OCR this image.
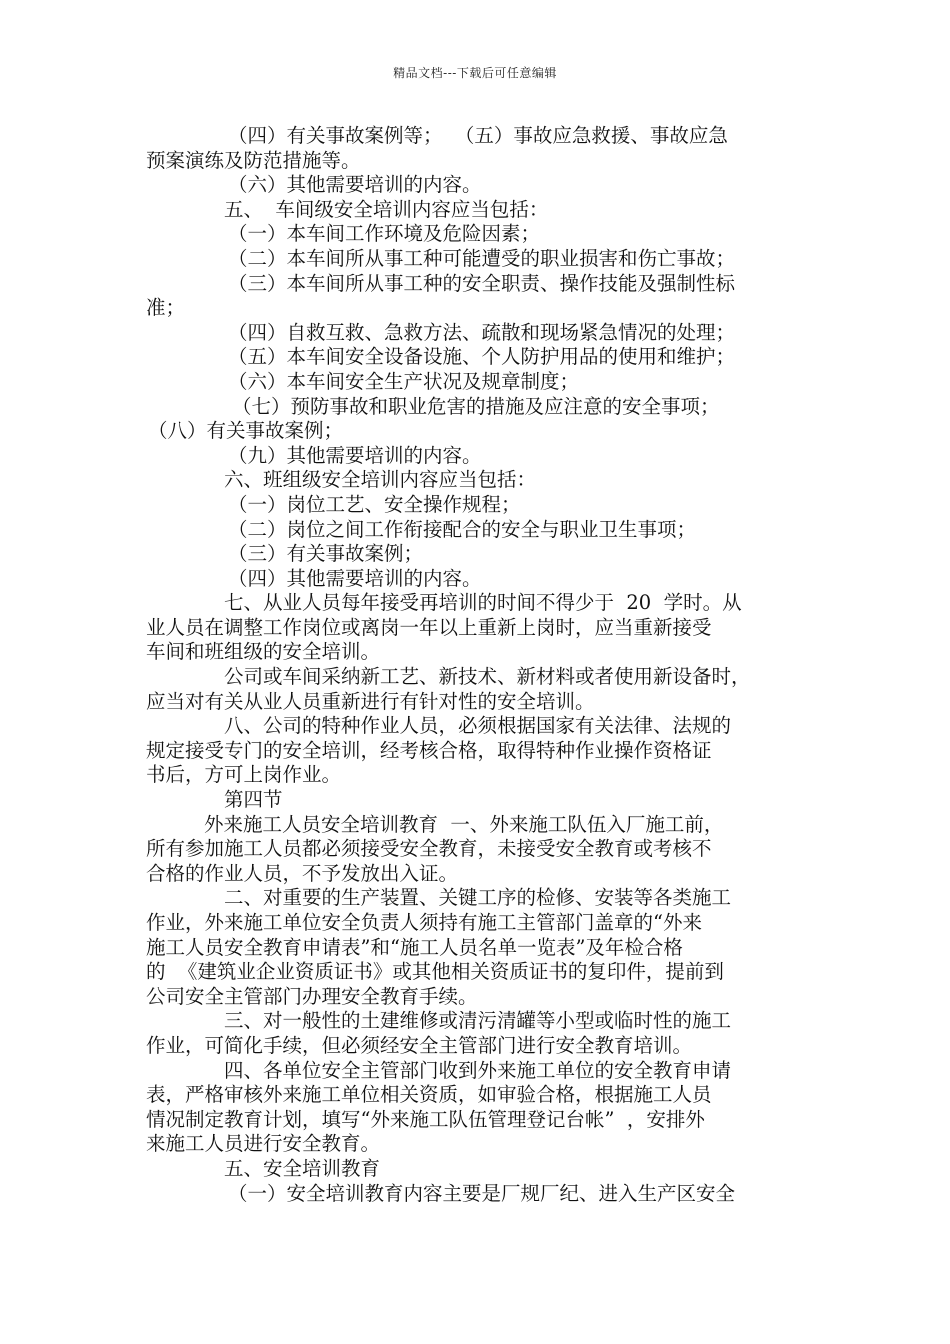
精品文档---下载后可任意编辑
（四）有关事故案例等；  （五）事故应急救援、事故应急
预案演练及防范措施等。
（六）其他需要培训的内容。
五、  车间级安全培训内容应当包括：
（一）本车间工作环境及危险因素；
（二）本车间所从事工种可能遭受的职业损害和伤亡事故；
（三）本车间所从事工种的安全职责、操作技能及强制性标
准；
（四）自救互救、急救方法、疏散和现场紧急情况的处理；
（五）本车间安全设备设施、个人防护用品的使用和维护；
（六）本车间安全生产状况及规章制度；
（七）预防事故和职业危害的措施及应注意的安全事项；
（八）有关事故案例；
（九）其他需要培训的内容。
六、班组级安全培训内容应当包括：
（一）岗位工艺、安全操作规程；
（二）岗位之间工作衔接配合的安全与职业卫生事项；
（三）有关事故案例；
（四）其他需要培训的内容。
七、从业人员每年接受再培训的时间不得少于  20  学时。从
业人员在调整工作岗位或离岗一年以上重新上岗时，应当重新接受
车间和班组级的安全培训。
公司或车间采纳新工艺、新技术、新材料或者使用新设备时，
应当对有关从业人员重新进行有针对性的安全培训。
八、公司的特种作业人员，必须根据国家有关法律、法规的
规定接受专门的安全培训，经考核合格，取得特种作业操作资格证
书后，方可上岗作业。
第四节
外来施工人员安全培训教育  一、外来施工队伍入厂施工前，
所有参加施工人员都必须接受安全教育，未接受安全教育或考核不
合格的作业人员，不予发放出入证。
二、对重要的生产装置、关键工序的检修、安装等各类施工
作业，外来施工单位安全负责人须持有施工主管部门盖章的“外来
施工人员安全教育申请表”和“施工人员名单一览表”及年检合格
的  《建筑业企业资质证书》或其他相关资质证书的复印件，提前到
公司安全主管部门办理安全教育手续。
三、对一般性的土建维修或清污清罐等小型或临时性的施工
作业，可简化手续，但必须经安全主管部门进行安全教育培训。
四、各单位安全主管部门收到外来施工单位的安全教育申请
表，严格审核外来施工单位相关资质，如审验合格，根据施工人员
情况制定教育计划，填写“外来施工队伍管理登记台帐”  ，安排外
来施工人员进行安全教育。
五、安全培训教育
（一）安全培训教育内容主要是厂规厂纪、进入生产区安全
